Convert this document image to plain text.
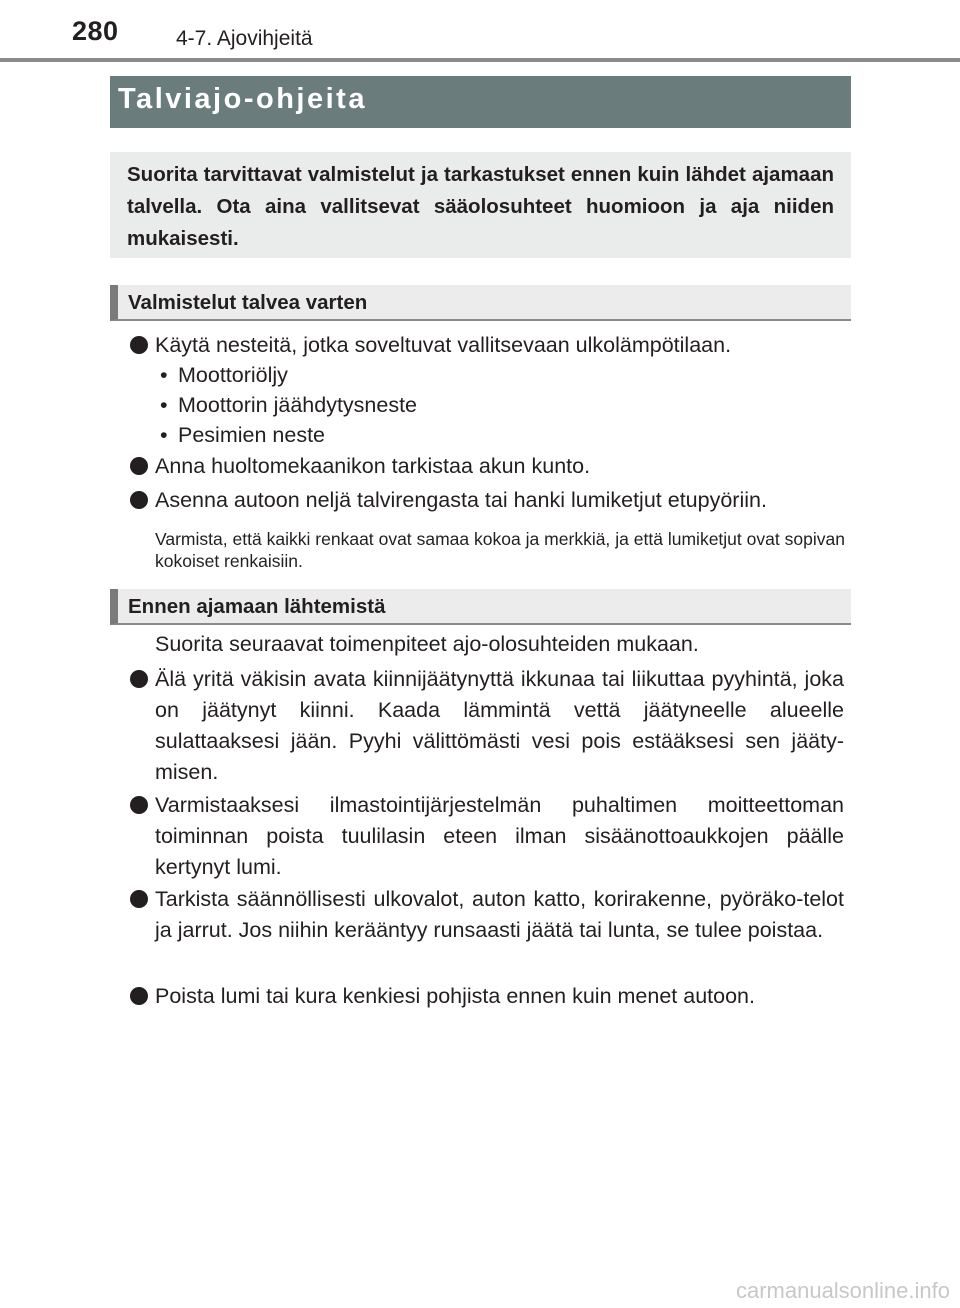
280	4-7. Ajovihjeitä
Talviajo-ohjeita
Suorita tarvittavat valmistelut ja tarkastukset ennen kuin lähdet ajamaan talvella. Ota aina vallitsevat sääolosuhteet huomioon ja aja niiden mukaisesti.
Valmistelut talvea varten
Käytä nesteitä, jotka soveltuvat vallitsevaan ulkolämpötilaan.
• Moottoriöljy
• Moottorin jäähdytysneste
• Pesimien neste
Anna huoltomekaanikon tarkistaa akun kunto.
Asenna autoon neljä talvirengasta tai hanki lumiketjut etupyöriin.
Varmista, että kaikki renkaat ovat samaa kokoa ja merkkiä, ja että lumiketjut ovat sopivan kokoiset renkaisiin.
Ennen ajamaan lähtemistä
Suorita seuraavat toimenpiteet ajo-olosuhteiden mukaan.
Älä yritä väkisin avata kiinnijäätynyttä ikkunaa tai liikuttaa pyyhintä, joka on jäätynyt kiinni. Kaada lämmintä vettä jäätyneelle alueelle sulattaaksesi jään. Pyyhi välittömästi vesi pois estääksesi sen jääty-misen.
Varmistaaksesi ilmastointijärjestelmän puhaltimen moitteettoman toiminnan poista tuulilasin eteen ilman sisäänottoaukkojen päälle kertynyt lumi.
Tarkista säännöllisesti ulkovalot, auton katto, korirakenne, pyöräko-telot ja jarrut. Jos niihin kerääntyy runsaasti jäätä tai lunta, se tulee poistaa.
Poista lumi tai kura kenkiesi pohjista ennen kuin menet autoon.
carmanualsonline.info
